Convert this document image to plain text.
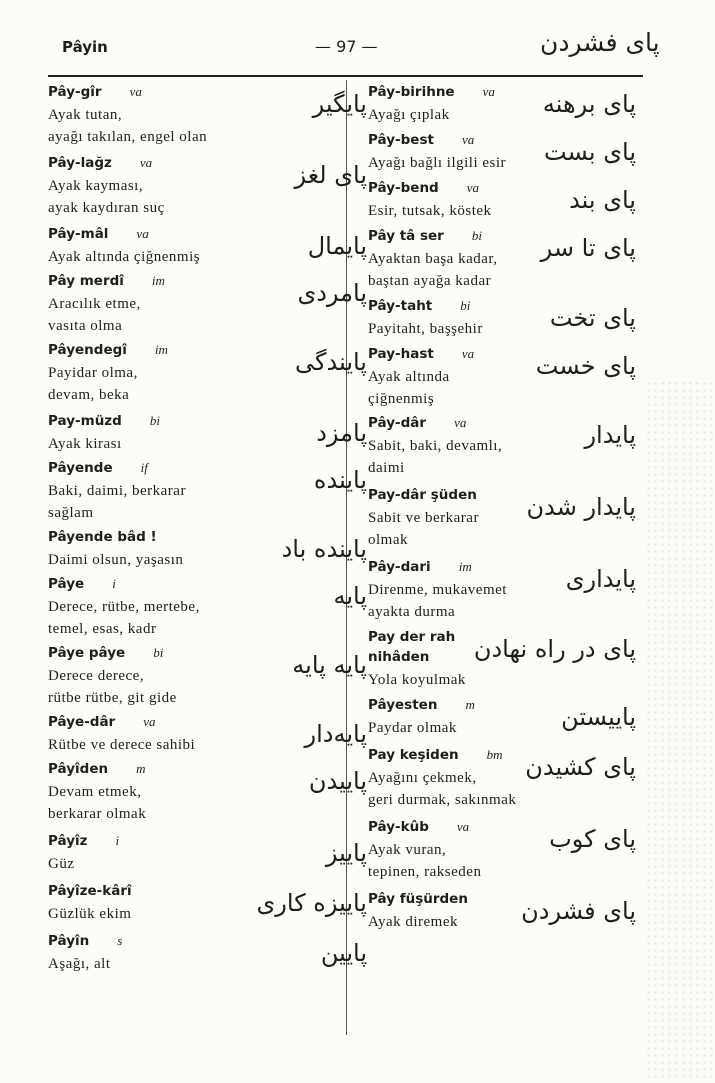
Pâyin	— 97 —	پای فشردن
Pây-gîr va
Ayak tutan,
ayağı takılan, engel olan
پایگیر
Pây-lağz va
Ayak kayması,
ayak kaydıran suç
پای لغز
Pây-mâl va
Ayak altında çiğnenmiş	پایمال
Pây merdî im
Aracılık etme,
vasıta olma
پامردی
Pâyendegî im
Payidar olma,
devam, beka
پایندگی
Pay-müzd bi
Ayak kirası	پامزد
Pâyende if
Baki, daimi, berkarar
sağlam
پاینده
Pâyende bâd !
Daimi olsun, yaşasın	پاینده باد
Pâye i
Derece, rütbe, mertebe,
temel, esas, kadr
پایه
Pâye pâye bi
Derece derece,
rütbe rütbe, git gide
پایه پایه
Pâye-dâr va
Rütbe ve derece sahibi	پایه‌دار
Pâyîden m
Devam etmek,
berkarar olmak
پاییدن
Pâyîz i
Güz	پاییز
Pâyîze-kârî
Güzlük ekim	پاییزه کاری
Pâyîn s
Aşağı, alt	پایین
Pây-birihne va
Ayağı çıplak	پای برهنه
Pây-best va
Ayağı bağlı ilgili esir	پای بست
Pây-bend va
Esir, tutsak, köstek	پای بند
Pây tâ ser bi
Ayaktan başa kadar,
baştan ayağa kadar
پای تا سر
Pây-taht bi
Payitaht, başşehir	پای تخت
Pay-hast va
Ayak altında
çiğnenmiş
پای خست
Pây-dâr va
Sabit, baki, devamlı,
daimi
پایدار
Pay-dâr şüden
Sabit ve berkarar
olmak
پایدار شدن
Pây-dari im
Direnme, mukavemet
ayakta durma
پایداری
Pay der rah
nihâden
Yola koyulmak
پای در راه نهادن
Pâyesten m
Paydar olmak	پاییستن
Pay keşiden bm
Ayağını çekmek,
geri durmak, sakınmak
پای کشیدن
Pây-kûb va
Ayak vuran,
tepinen, rakseden
پای کوب
Pây füşürden
Ayak diremek	پای فشردن
